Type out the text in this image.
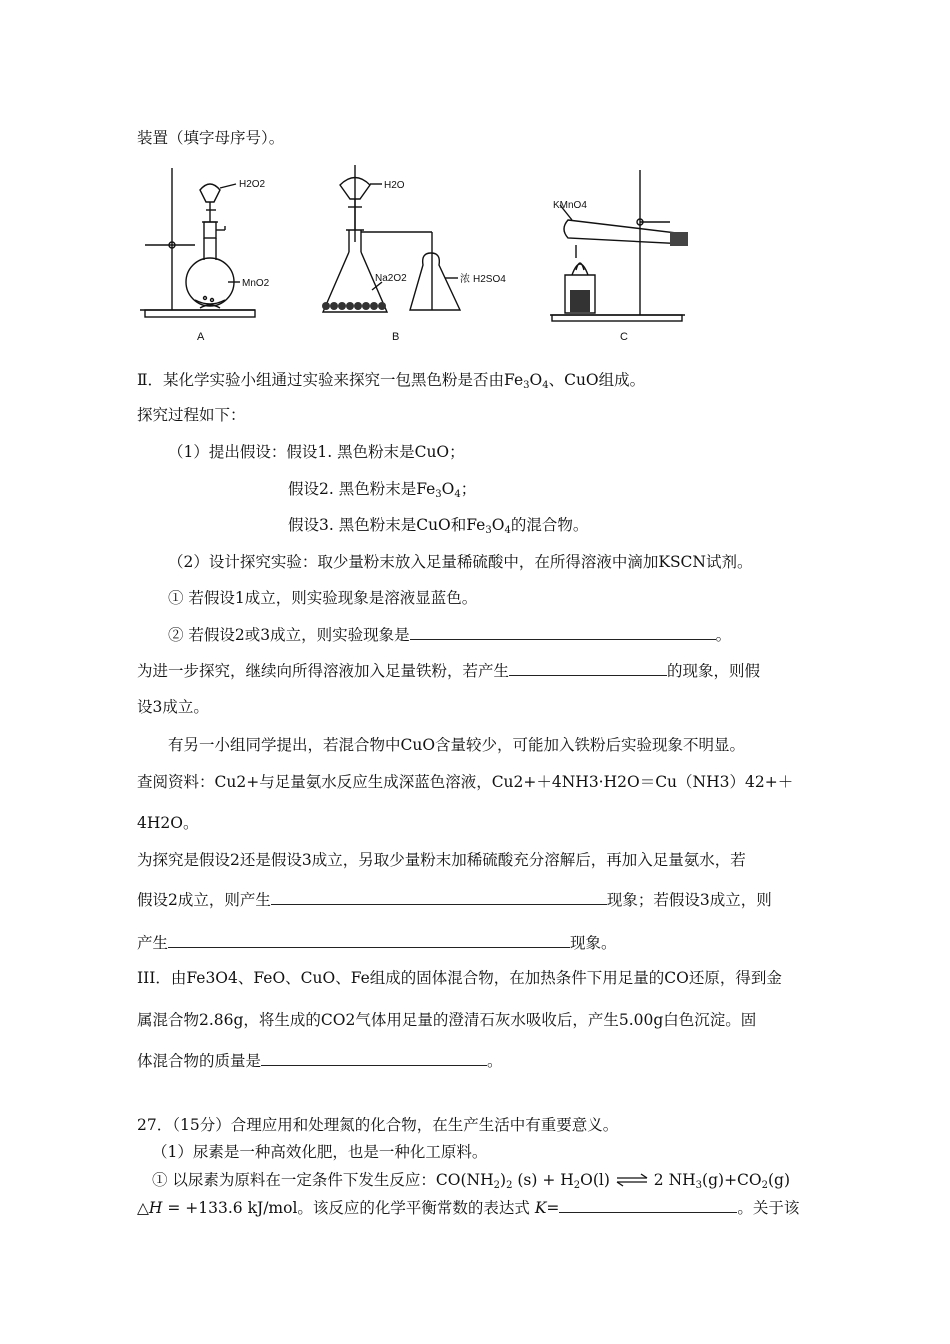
装置（填字母序号）。
H2O2
MnO2
A
H2O
Na2O2	浓 H2SO4
B
KMnO4
C
Ⅱ．某化学实验小组通过实验来探究一包黑色粉是否由$Fe_3O_4$、CuO组成。
探究过程如下：
（1）提出假设：假设1. 黑色粉末是CuO；
假设2. 黑色粉末是$Fe_3O_4$；
假设3. 黑色粉末是CuO和$Fe_3O_4$的混合物。
（2）设计探究实验：取少量粉末放入足量稀硫酸中，在所得溶液中滴加KSCN试剂。
① 若假设1成立，则实验现象是溶液显蓝色。
② 若假设2或3成立，则实验现象是	。
为进一步探究，继续向所得溶液加入足量铁粉，若产生	的现象，则假
设3成立。
有另一小组同学提出，若混合物中CuO含量较少，可能加入铁粉后实验现象不明显。
查阅资料：Cu2+与足量氨水反应生成深蓝色溶液，Cu2+＋4NH3·H2O＝Cu（NH3）42+＋
4H2O。
为探究是假设2还是假设3成立，另取少量粉末加稀硫酸充分溶解后，再加入足量氨水，若
假设2成立，则产生	现象；若假设3成立，则
产生	现象。
III．由Fe3O4、FeO、CuO、Fe组成的固体混合物，在加热条件下用足量的CO还原，得到金
属混合物2.86g，将生成的CO2气体用足量的澄清石灰水吸收后，产生5.00g白色沉淀。固
体混合物的质量是	。
27．（15分）合理应用和处理氮的化合物，在生产生活中有重要意义。
（1）尿素是一种高效化肥，也是一种化工原料。
① 以尿素为原料在一定条件下发生反应：$CO(NH_2)_2$ $(s) + H_2O(l)$ ⇌ 2 $NH_3(g)+CO_2(g)$
△H = +133.6 kJ/mol。该反应的化学平衡常数的表达式 K=	。关于该
